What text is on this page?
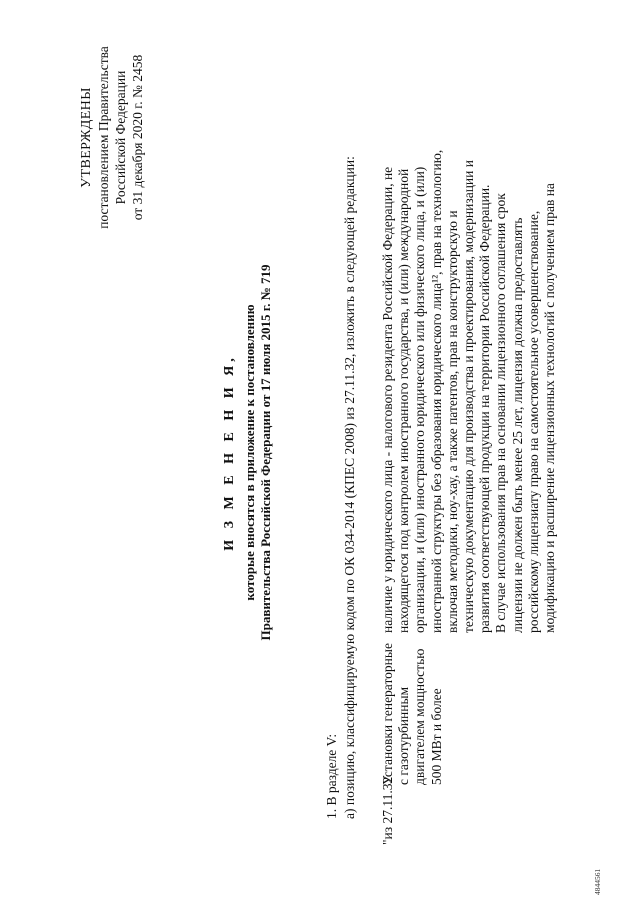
УТВЕРЖДЕНЫ постановлением Правительства Российской Федерации от 31 декабря 2020 г. № 2458
И З М Е Н Е Н И Я, которые вносятся в приложение к постановлению Правительства Российской Федерации от 17 июля 2015 г. № 719
1. В разделе V: а) позицию, классифицируемую кодом по ОК 034-2014 (КПЕС 2008) из 27.11.32, изложить в следующей редакции: "из 27.11.32
Установки генераторные с газотурбинным двигателем мощностью 500 МВт и более
наличие у юридического лица - налогового резидента Российской Федерации, не находящегося под контролем иностранного государства, и (или) международной организации, и (или) иностранного юридического или физического лица, и (или) иностранной структуры без образования юридического лица¹², прав на технологию, включая методики, ноу-хау, а также патентов, прав на конструкторскую и техническую документацию для производства и проектирования, модернизации и развития соответствующей продукции на территории Российской Федерации. В случае использования прав на основании лицензионного соглашения срок лицензии не должен быть менее 25 лет, лицензия должна предоставлять российскому лицензиату право на самостоятельное усовершенствование, модификацию и расширение лицензионных технологий с получением прав на
4844561
